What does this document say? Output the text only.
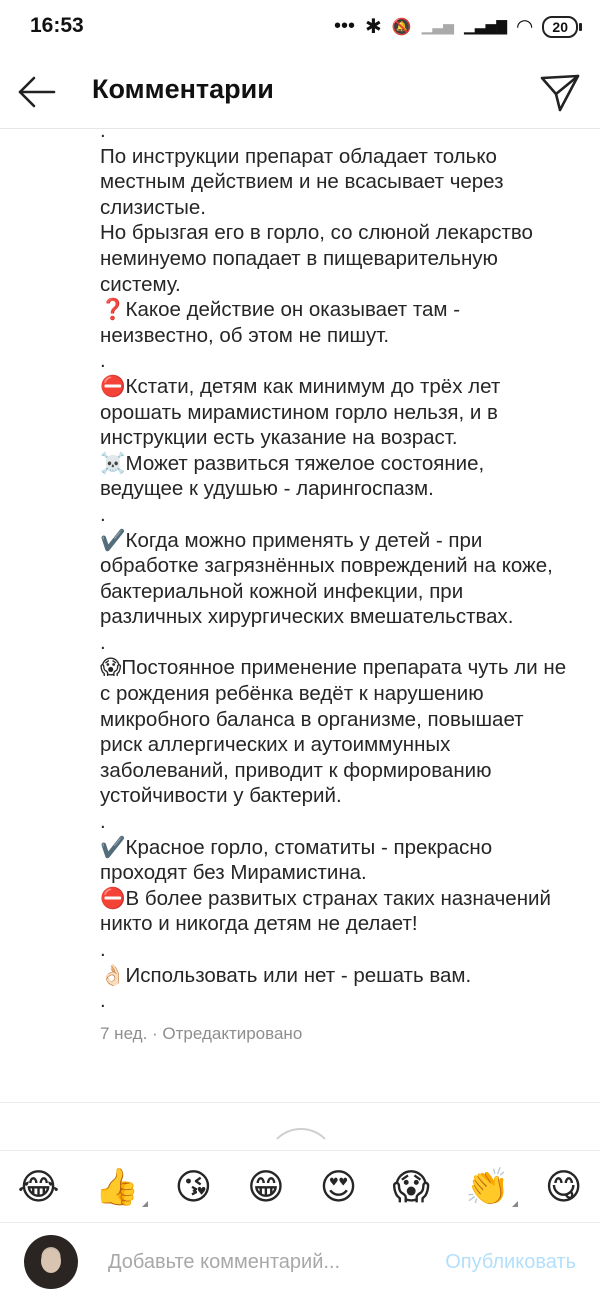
16:53	••• ✱ 🔕 ▁▃▅ ▁▃▅▇ ◠	20
Комментарии

.
По инструкции препарат обладает только местным действием и не всасывает через слизистые.
Но брызгая его в горло, со слюной лекарство неминуемо попадает в пищеварительную систему.
❓Какое действие он оказывает там - неизвестно, об этом не пишут.
.
⛔Кстати, детям как минимум до трёх лет орошать мирамистином горло нельзя, и в инструкции есть указание на возраст.
☠️Может развиться тяжелое состояние, ведущее к удушью - ларингоспазм.
.
✔️Когда можно применять у детей - при обработке загрязнённых повреждений на коже, бактериальной кожной инфекции, при различных хирургических вмешательствах.
.
😱Постоянное применение препарата чуть ли не с рождения ребёнка ведёт к нарушению микробного баланса в организме, повышает риск аллергических и аутоиммунных заболеваний, приводит к формированию устойчивости у бактерий.
.
✔️Красное горло, стоматиты - прекрасно проходят без Мирамистина.
⛔В более развитых странах таких назначений никто и никогда детям не делает!
.
👌🏻Использовать или нет - решать вам.
.

7 нед. · Отредактировано
😂 👍 😘 😁 😍 😱 👏 😋
Добавьте комментарий...
Опубликовать
